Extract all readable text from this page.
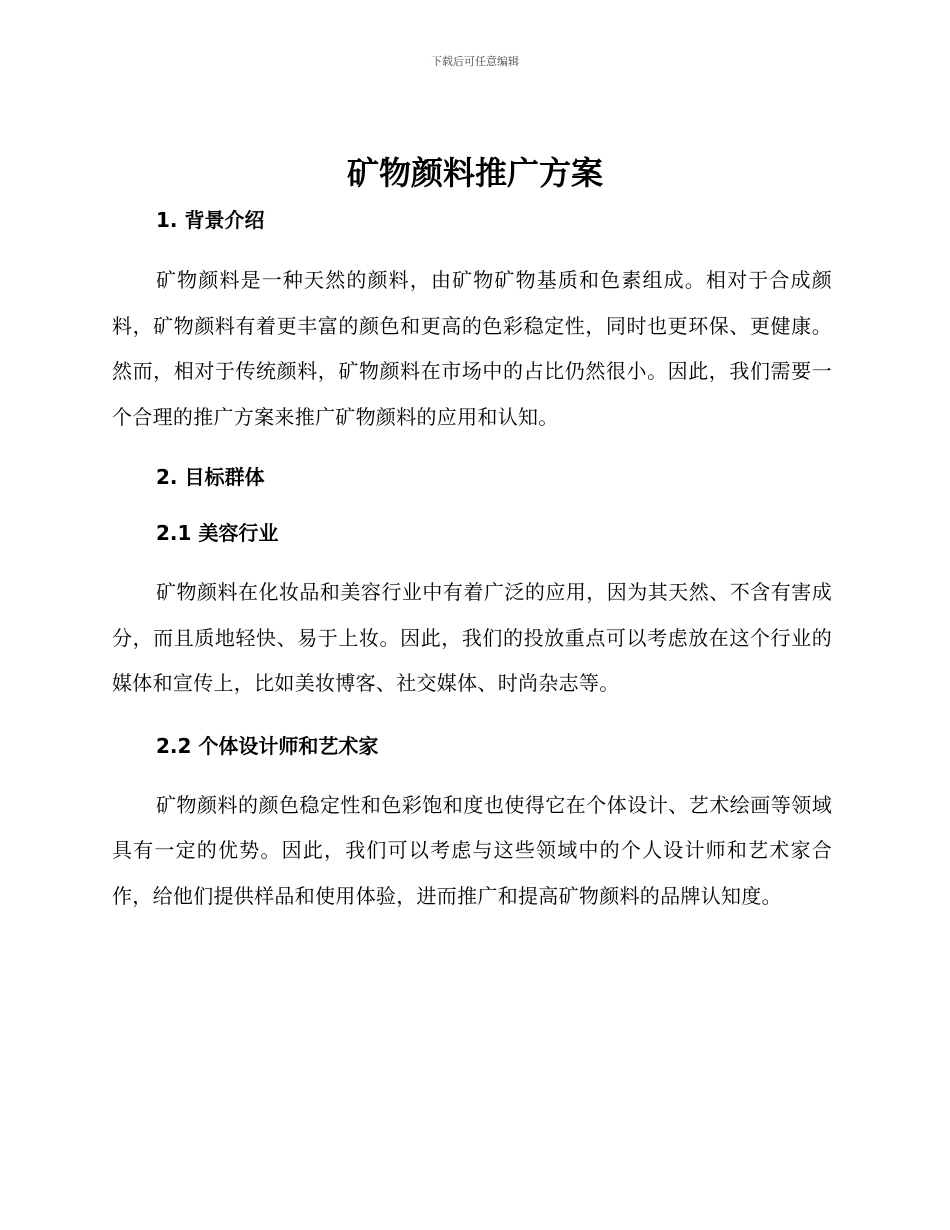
下载后可任意编辑
矿物颜料推广方案
1. 背景介绍

矿物颜料是一种天然的颜料，由矿物矿物基质和色素组成。相对于合成颜料，矿物颜料有着更丰富的颜色和更高的色彩稳定性，同时也更环保、更健康。然而，相对于传统颜料，矿物颜料在市场中的占比仍然很小。因此，我们需要一个合理的推广方案来推广矿物颜料的应用和认知。

2. 目标群体
2.1 美容行业

矿物颜料在化妆品和美容行业中有着广泛的应用，因为其天然、不含有害成分，而且质地轻快、易于上妆。因此，我们的投放重点可以考虑放在这个行业的媒体和宣传上，比如美妆博客、社交媒体、时尚杂志等。

2.2 个体设计师和艺术家

矿物颜料的颜色稳定性和色彩饱和度也使得它在个体设计、艺术绘画等领域具有一定的优势。因此，我们可以考虑与这些领域中的个人设计师和艺术家合作，给他们提供样品和使用体验，进而推广和提高矿物颜料的品牌认知度。
